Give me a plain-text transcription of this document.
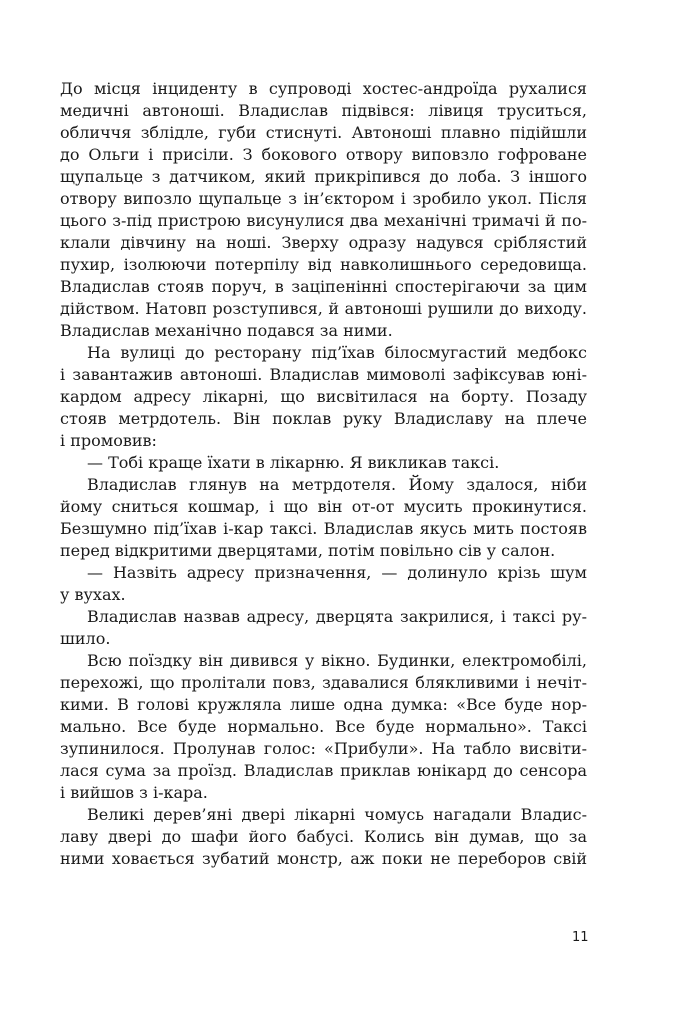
До місця інциденту в супроводі хостес-андроїда рухалися
медичні автоноші. Владислав підвівся: лівиця труситься,
обличчя зблідле, губи стиснуті. Автоноші плавно підійшли
до Ольги і присіли. З бокового отвору виповзло гофроване
щупальце з датчиком, який прикріпився до лоба. З іншого
отвору випозло щупальце з ін’єктором і зробило укол. Після
цього з-під пристрою висунулися два механічні тримачі й по-
клали дівчину на ноші. Зверху одразу надувся сріблястий
пухир, ізолюючи потерпілу від навколишнього середовища.
Владислав стояв поруч, в заціпенінні спостерігаючи за цим
дійством. Натовп розступився, й автоноші рушили до виходу.
Владислав механічно подався за ними.
На вулиці до ресторану під’їхав білосмугастий медбокс
і завантажив автоноші. Владислав мимоволі зафіксував юні-
кардом адресу лікарні, що висвітилася на борту. Позаду
стояв метрдотель. Він поклав руку Владиславу на плече
і промовив:
— Тобі краще їхати в лікарню. Я викликав таксі.
Владислав глянув на метрдотеля. Йому здалося, ніби
йому сниться кошмар, і що він от-от мусить прокинутися.
Безшумно під’їхав і-кар таксі. Владислав якусь мить постояв
перед відкритими дверцятами, потім повільно сів у салон.
— Назвіть адресу призначення, — долинуло крізь шум
у вухах.
Владислав назвав адресу, дверцята закрилися, і таксі ру-
шило.
Всю поїздку він дивився у вікно. Будинки, електромобілі,
перехожі, що пролітали повз, здавалися блякливими і нечіт-
кими. В голові кружляла лише одна думка: «Все буде нор-
мально. Все буде нормально. Все буде нормально». Таксі
зупинилося. Пролунав голос: «Прибули». На табло висвіти-
лася сума за проїзд. Владислав приклав юнікард до сенсора
і вийшов з і-кара.
Великі дерев’яні двері лікарні чомусь нагадали Владис-
лаву двері до шафи його бабусі. Колись він думав, що за
ними ховається зубатий монстр, аж поки не переборов свій
11
